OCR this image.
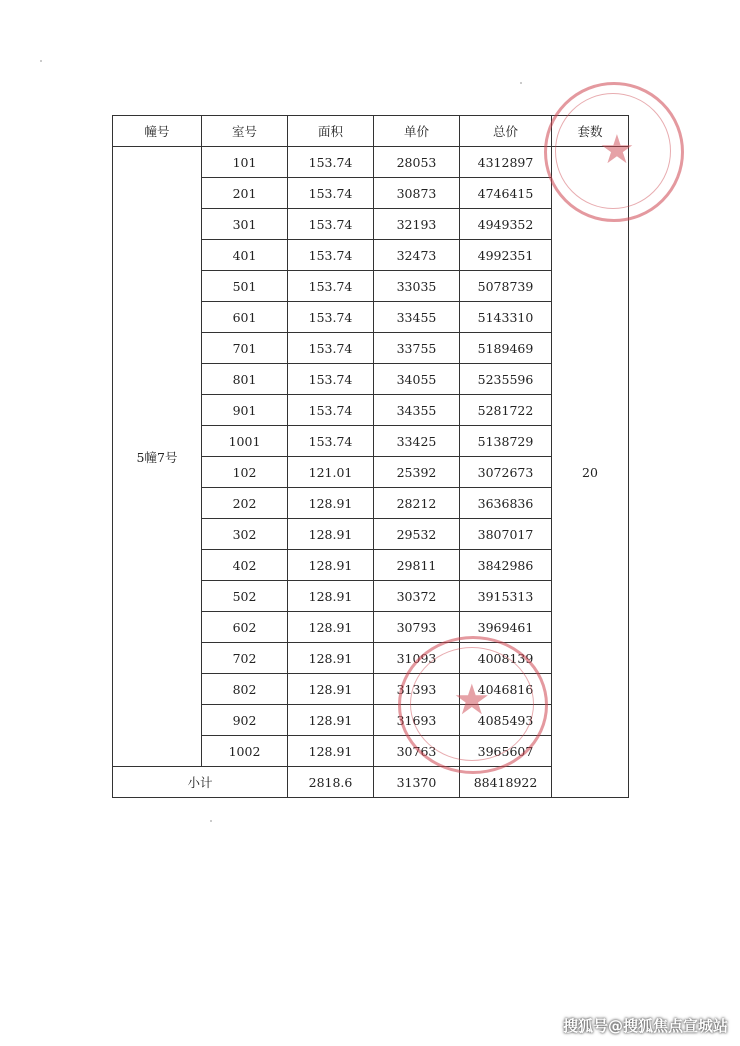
幢号	室号	面积	单价	总价	套数
5幢7号	101	153.74	28053	4312897	20
	201	153.74	30873	4746415	
	301	153.74	32193	4949352	
	401	153.74	32473	4992351	
	501	153.74	33035	5078739	
	601	153.74	33455	5143310	
	701	153.74	33755	5189469	
	801	153.74	34055	5235596	
	901	153.74	34355	5281722	
	1001	153.74	33425	5138729	
	102	121.01	25392	3072673	
	202	128.91	28212	3636836	
	302	128.91	29532	3807017	
	402	128.91	29811	3842986	
	502	128.91	30372	3915313	
	602	128.91	30793	3969461	
	702	128.91	31093	4008139	
	802	128.91	31393	4046816	
	902	128.91	31693	4085493	
	1002	128.91	30763	3965607	
小计		2818.6	31370	88418922	
★
★
搜狐号@搜狐焦点宣城站
